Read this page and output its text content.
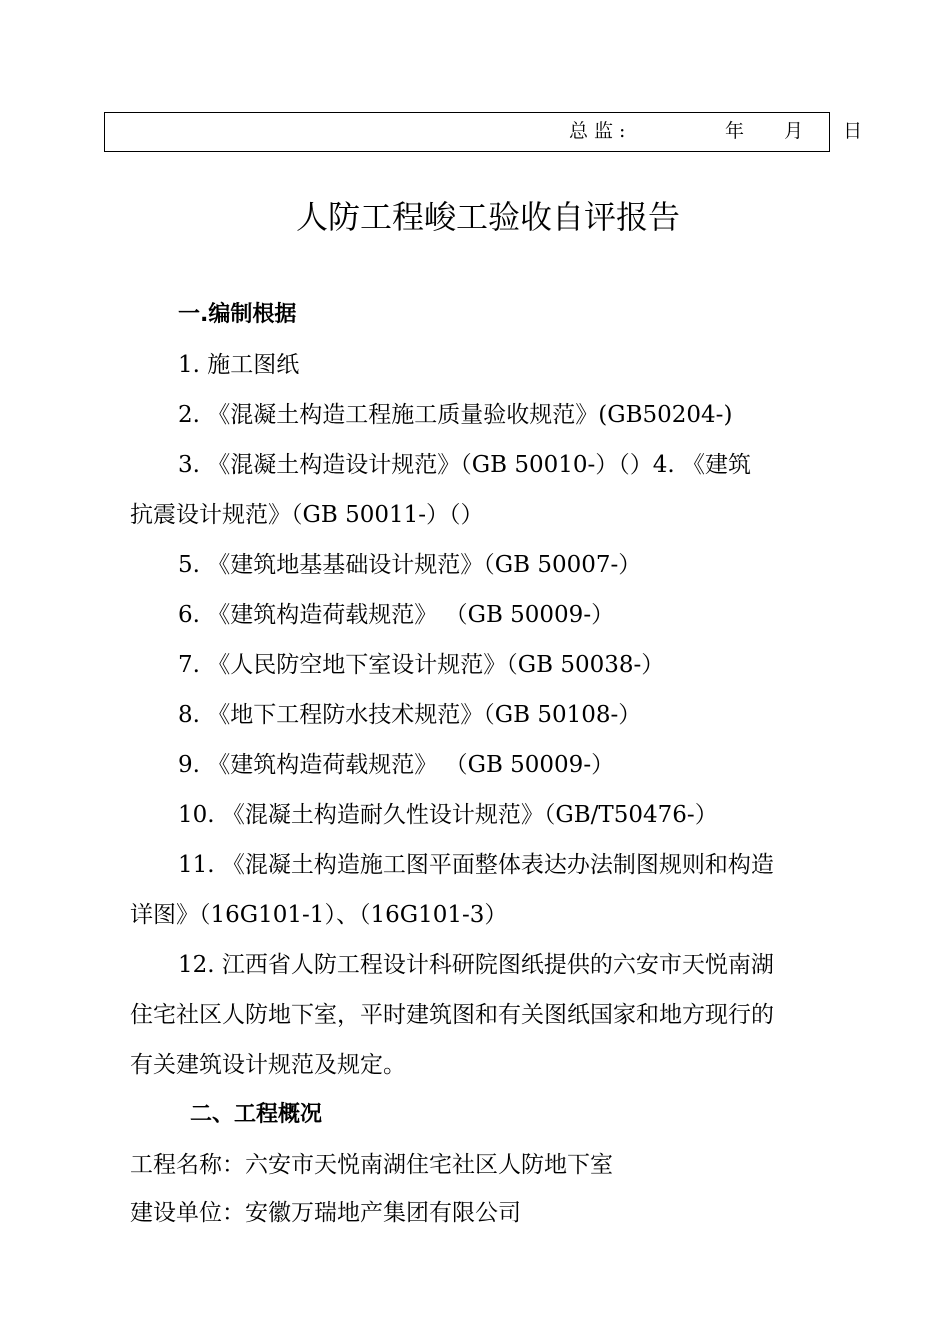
总监:	年  月  日
人防工程峻工验收自评报告
一.编制根据
1. 施工图纸
2. 《混凝土构造工程施工质量验收规范》(GB50204-)
3. 《混凝土构造设计规范》（GB 50010-）（）4. 《建筑
抗震设计规范》（GB 50011-）（）
5. 《建筑地基基础设计规范》（GB 50007-）
6. 《建筑构造荷载规范》 （GB 50009-）
7. 《人民防空地下室设计规范》（GB 50038-）
8. 《地下工程防水技术规范》（GB 50108-）
9. 《建筑构造荷载规范》 （GB 50009-）
10. 《混凝土构造耐久性设计规范》（GB/T50476-）
11. 《混凝土构造施工图平面整体表达办法制图规则和构造
详图》（16G101-1）、（16G101-3）
12. 江西省人防工程设计科研院图纸提供的六安市天悦南湖
住宅社区人防地下室，平时建筑图和有关图纸国家和地方现行的
有关建筑设计规范及规定。
二、工程概况
工程名称：六安市天悦南湖住宅社区人防地下室
建设单位：安徽万瑞地产集团有限公司
